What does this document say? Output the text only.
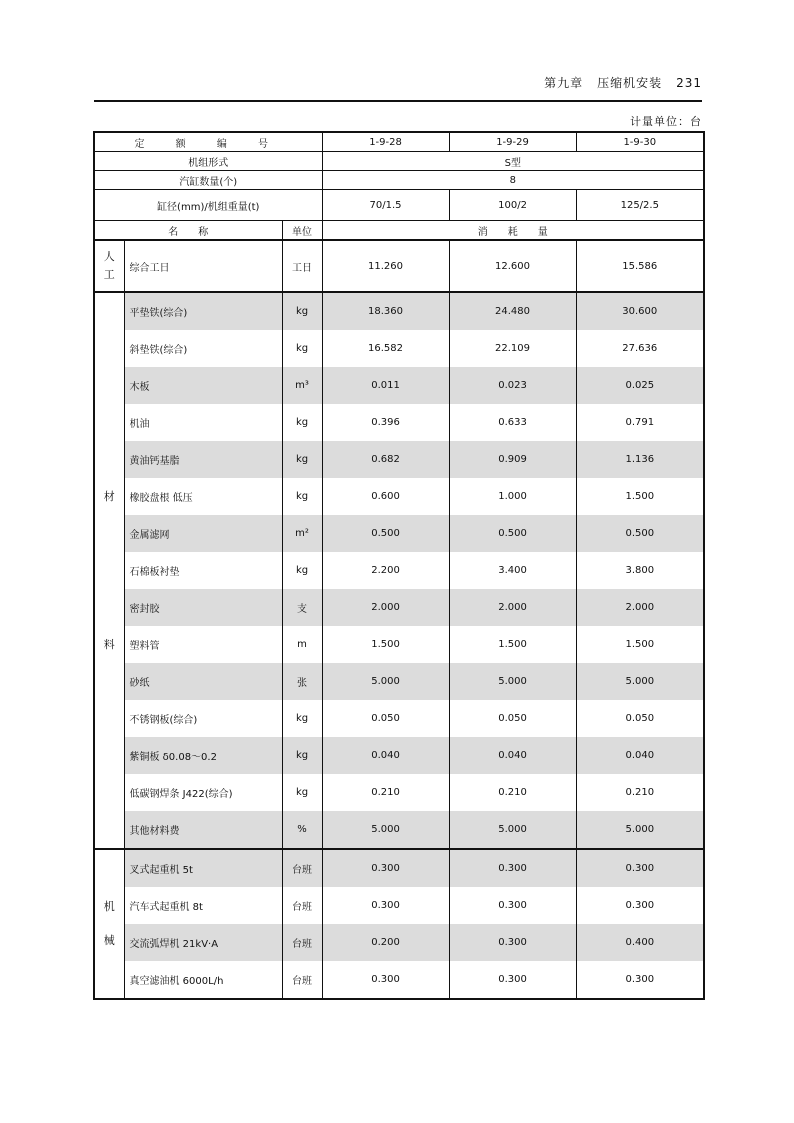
第九章 压缩机安装 231
计量单位：台
定 额 编 号			1-9-28	1-9-29	1-9-30
机组形式			S型		
汽缸数量(个)			8		
缸径(mm)/机组重量(t)			70/1.5	100/2	125/2.5
名　　称		单位	消　　耗　　量		
人
工	综合工日	工日	11.260	12.600	15.586
材
料	平垫铁(综合)	kg	18.360	24.480	30.600
	斜垫铁(综合)	kg	16.582	22.109	27.636
	木板	m³	0.011	0.023	0.025
	机油	kg	0.396	0.633	0.791
	黄油钙基脂	kg	0.682	0.909	1.136
	橡胶盘根 低压	kg	0.600	1.000	1.500
	金属滤网	m²	0.500	0.500	0.500
	石棉板衬垫	kg	2.200	3.400	3.800
	密封胶	支	2.000	2.000	2.000
	塑料管	m	1.500	1.500	1.500
	砂纸	张	5.000	5.000	5.000
	不锈钢板(综合)	kg	0.050	0.050	0.050
	紫铜板 δ0.08～0.2	kg	0.040	0.040	0.040
	低碳钢焊条 J422(综合)	kg	0.210	0.210	0.210
	其他材料费	%	5.000	5.000	5.000
机
械	叉式起重机 5t	台班	0.300	0.300	0.300
	汽车式起重机 8t	台班	0.300	0.300	0.300
	交流弧焊机 21kV·A	台班	0.200	0.300	0.400
	真空滤油机 6000L/h	台班	0.300	0.300	0.300
